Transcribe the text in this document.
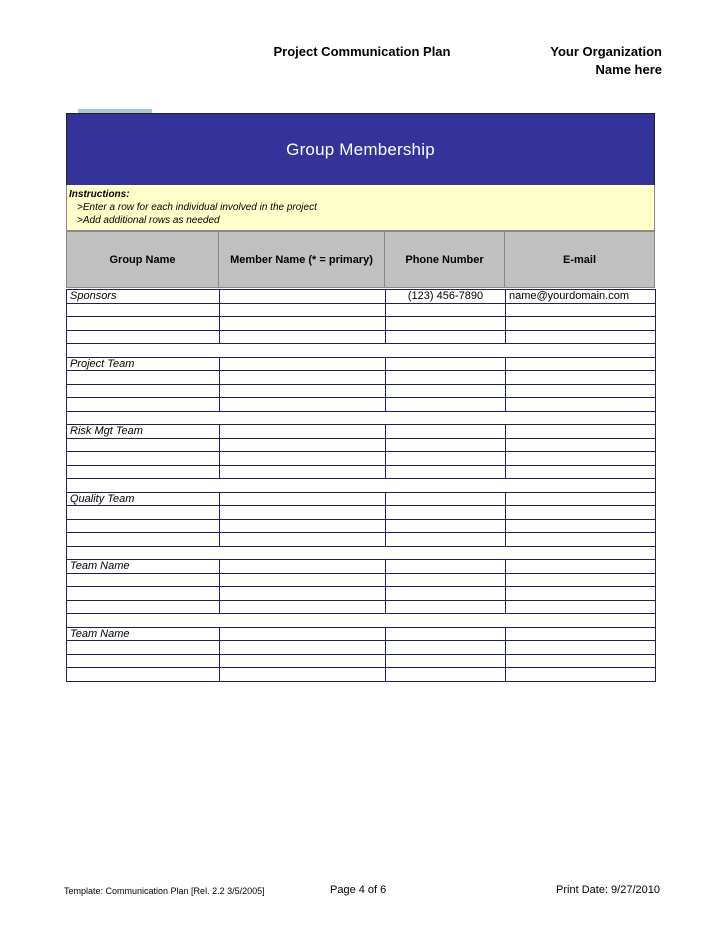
Project Communication Plan	Your Organization
Name here
Group Membership
Instructions:
>Enter a row for each individual involved in the project
>Add additional rows as needed
Group Name	Member Name (* = primary)	Phone Number	E-mail
Sponsors		(123) 456-7890	name@yourdomain.com

Project Team			

Risk Mgt Team			

Quality Team			

Team Name			

Team Name			

Template: Communication Plan [Rel. 2.2 3/5/2005]	Page 4 of 6	Print Date: 9/27/2010
